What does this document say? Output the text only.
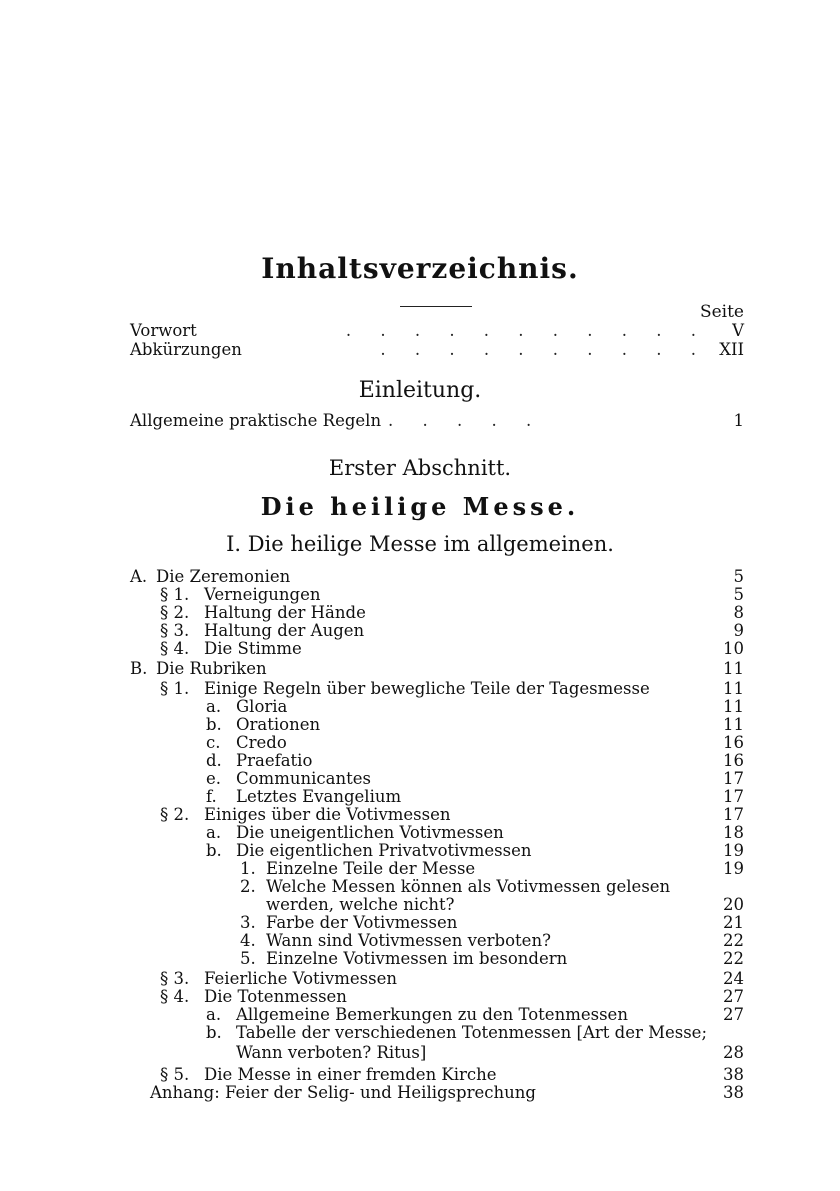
Inhaltsverzeichnis.
Seite
Vorwort	. . . . . . . . . . . V
Abkürzungen	. . . . . . . . . . XII
Einleitung.
Allgemeine praktische Regeln . . . . .	1
Erster Abschnitt.
Die heilige Messe.
I. Die heilige Messe im allgemeinen.
A. Die Zeremonien	5
§ 1. Verneigungen	5
§ 2. Haltung der Hände	8
§ 3. Haltung der Augen	9
§ 4. Die Stimme	10
B. Die Rubriken	11
§ 1. Einige Regeln über bewegliche Teile der Tagesmesse	11
a. Gloria	11
b. Orationen	11
c. Credo	16
d. Praefatio	16
e. Communicantes	17
f. Letztes Evangelium	17
§ 2. Einiges über die Votivmessen	17
a. Die uneigentlichen Votivmessen	18
b. Die eigentlichen Privatvotivmessen	19
1. Einzelne Teile der Messe	19
2. Welche Messen können als Votivmessen gelesen
werden, welche nicht?	20
3. Farbe der Votivmessen	21
4. Wann sind Votivmessen verboten?	22
5. Einzelne Votivmessen im besondern	22
§ 3. Feierliche Votivmessen	24
§ 4. Die Totenmessen	27
a. Allgemeine Bemerkungen zu den Totenmessen	27
b. Tabelle der verschiedenen Totenmessen [Art der Messe;
Wann verboten? Ritus]	28
§ 5. Die Messe in einer fremden Kirche	38
Anhang: Feier der Selig- und Heiligsprechung	38
